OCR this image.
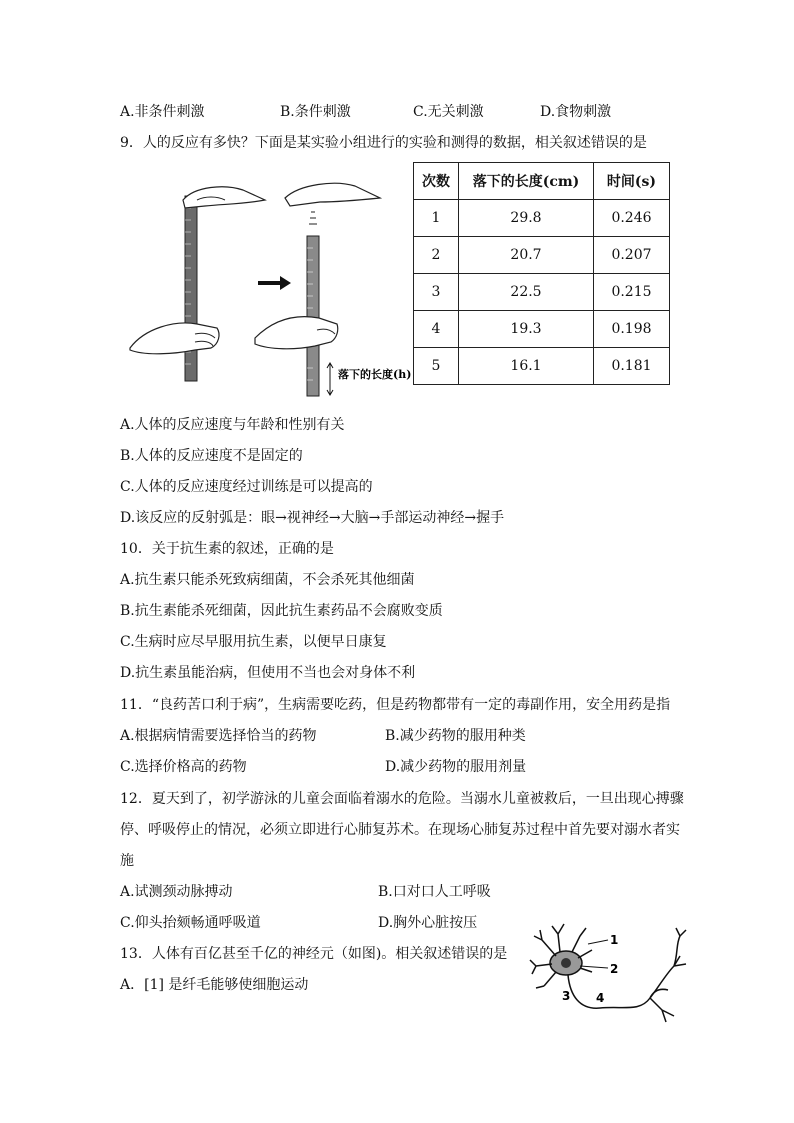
A.非条件刺激	B.条件刺激	C.无关刺激	D.食物刺激
9．人的反应有多快？下面是某实验小组进行的实验和测得的数据，相关叙述错误的是
落下的长度(h)
次数	落下的长度(cm)	时间(s)
1	29.8	0.246
2	20.7	0.207
3	22.5	0.215
4	19.3	0.198
5	16.1	0.181
A.人体的反应速度与年龄和性别有关
B.人体的反应速度不是固定的
C.人体的反应速度经过训练是可以提高的
D.该反应的反射弧是：眼→视神经→大脑→手部运动神经→握手
10．关于抗生素的叙述，正确的是
A.抗生素只能杀死致病细菌，不会杀死其他细菌
B.抗生素能杀死细菌，因此抗生素药品不会腐败变质
C.生病时应尽早服用抗生素，以便早日康复
D.抗生素虽能治病，但使用不当也会对身体不利
11．“良药苦口利于病”，生病需要吃药，但是药物都带有一定的毒副作用，安全用药是指
A.根据病情需要选择恰当的药物	B.减少药物的服用种类
C.选择价格高的药物	D.减少药物的服用剂量
12．夏天到了，初学游泳的儿童会面临着溺水的危险。当溺水儿童被救后，一旦出现心搏骤
停、呼吸停止的情况，必须立即进行心肺复苏术。在现场心肺复苏过程中首先要对溺水者实
施
A.试测颈动脉搏动	B.口对口人工呼吸
C.仰头抬颏畅通呼吸道	D.胸外心脏按压
13．人体有百亿甚至千亿的神经元（如图)。相关叙述错误的是
A．[1] 是纤毛能够使细胞运动
1
2
3 4
